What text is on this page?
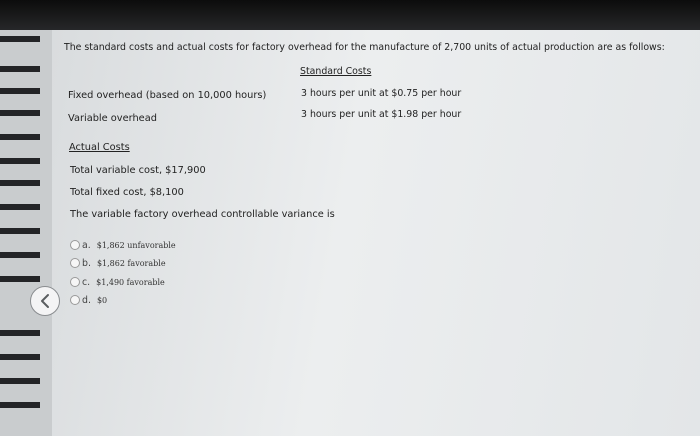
The standard costs and actual costs for factory overhead for the manufacture of 2,700 units of actual production are as follows:
Standard Costs
Fixed overhead (based on 10,000 hours)	3 hours per unit at $0.75 per hour
Variable overhead	3 hours per unit at $1.98 per hour
Actual Costs
Total variable cost, $17,900
Total fixed cost, $8,100
The variable factory overhead controllable variance is
a. $1,862 unfavorable
b. $1,862 favorable
c. $1,490 favorable
d. $0
